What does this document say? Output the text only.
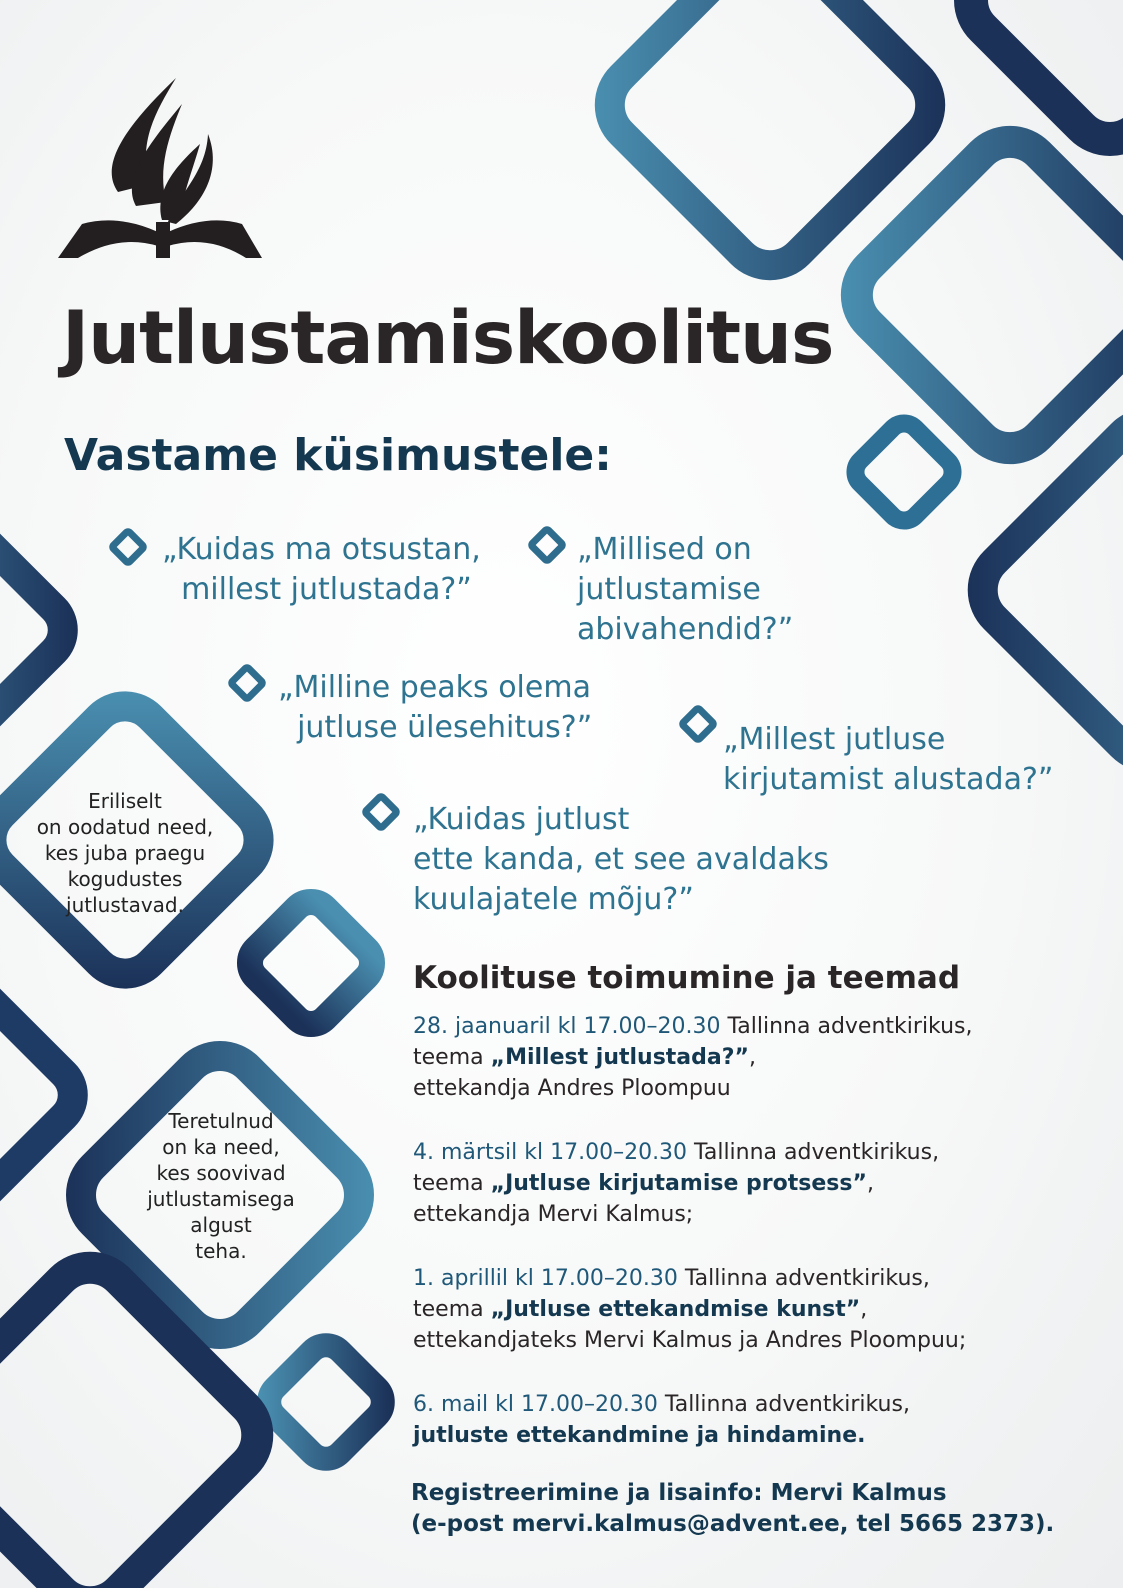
Jutlustamiskoolitus
Vastame küsimustele:
„Kuidas ma otsustan,
millest jutlustada?”
„Millised on
jutlustamise
abivahendid?”
„Milline peaks olema
jutluse ülesehitus?”	„Millest jutluse
kirjutamist alustada?”
„Kuidas jutlust
ette kanda, et see avaldaks
kuulajatele mõju?”
Eriliselt
on oodatud need,
kes juba praegu
kogudustes
jutlustavad.
Teretulnud
on ka need,
kes soovivad
jutlustamisega
algust
teha.
Koolituse toimumine ja teemad
28. jaanuaril kl 17.00–20.30 Tallinna adventkirikus,
teema „Millest jutlustada?”,
ettekandja Andres Ploompuu
4. märtsil kl 17.00–20.30 Tallinna adventkirikus,
teema „Jutluse kirjutamise protsess”,
ettekandja Mervi Kalmus;
1. aprillil kl 17.00–20.30 Tallinna adventkirikus,
teema „Jutluse ettekandmise kunst”,
ettekandjateks Mervi Kalmus ja Andres Ploompuu;
6. mail kl 17.00–20.30 Tallinna adventkirikus,
jutluste ettekandmine ja hindamine.
Registreerimine ja lisainfo: Mervi Kalmus
(e-post mervi.kalmus@advent.ee, tel 5665 2373).
